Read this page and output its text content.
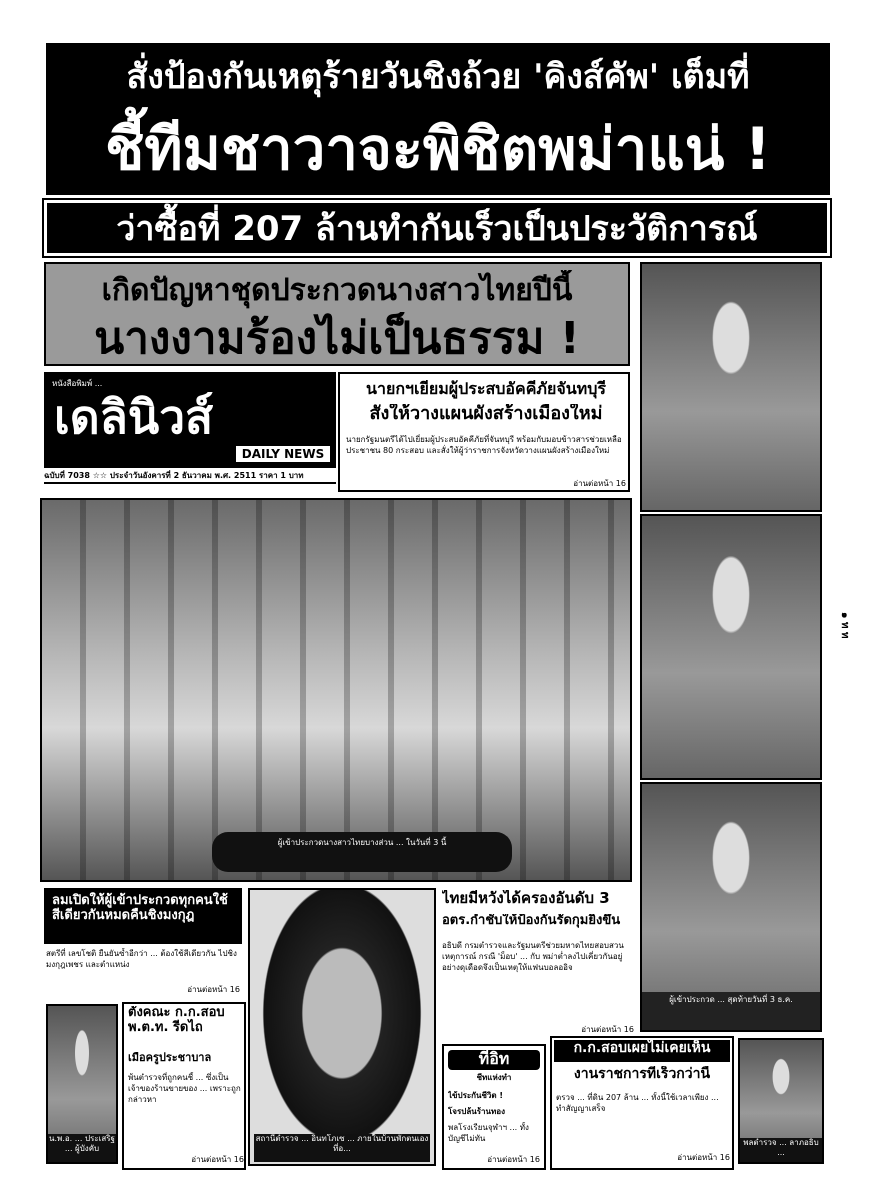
สั่งป้องกันเหตุร้ายวันชิงถ้วย 'คิงส์คัพ' เต็มที่
ชี้ทีมชาวาจะพิชิตพม่าแน่ !
ว่าซื้อที่ 207 ล้านทำกันเร็วเป็นประวัติการณ์
เกิดปัญหาชุดประกวดนางสาวไทยปีนี้
นางงามร้องไม่เป็นธรรม !
หนังสือพิมพ์ ...
เดลินิวส์
DAILY NEWS
ฉบับที่ 7038 ☆☆ ประจำวันอังคารที่ 2 ธันวาคม พ.ศ. 2511 ราคา 1 บาท
นายกฯเยี่ยมผู้ประสบอัคคีภัยจันทบุรี
สั่งให้วางแผนผังสร้างเมืองใหม่
นายกรัฐมนตรีได้ไปเยี่ยมผู้ประสบอัคคีภัยที่จันทบุรี พร้อมกับมอบข้าวสารช่วยเหลือประชาชน 80 กระสอบ และสั่งให้ผู้ว่าราชการจังหวัดวางแผนผังสร้างเมืองใหม่
อ่านต่อหน้า 16
ผู้เข้าประกวดนางสาวไทยบางส่วน ... ในวันที่ 3 นี้
ผู้เข้าประกวด ... สุดท้ายวันที่ 3 ธ.ค.
๑ ท ท
ลมเปิดให้ผู้เข้าประกวดทุกคนใช้สีเดียวกันหมดคืนชิงมงกุฎ
สตรีที่ เลขโชติ ยืนยันซ้ำอีกว่า ... ต้องใช้สีเดียวกัน ไปชิงมงกุฎเพชร และตำแหน่ง
อ่านต่อหน้า 16
ตั้งคณะ ก.ก.สอบ พ.ต.ท. รีดไถ
เมื่อครูประชาบาล
พ้นตำรวจที่ถูกคนชี้ ... ซึ่งเป็นเจ้าของร้านขายของ ... เพราะถูกกล่าวหา
อ่านต่อหน้า 16
น.พ.อ. ... ประเสริฐ ... ผู้บังคับ
สถานีตำรวจ ... อินทโภเซ ... ภายในบ้านพักตนเองที่อ...
ไทยมีหวังได้ครองอันดับ 3
อตร.กำชับให้ป้องกันรัดกุมยิ่งขึ้น
อธิบดี กรมตำรวจและรัฐมนตรีช่วยมหาดไทยสอบสวนเหตุการณ์ กรณี 'ม็อบ' ... กับ พม่าต่ำลงไปเคี่ยวกันอยู่อย่างดุเดือดจึงเป็นเหตุให้แฟนบอลออิจ
อ่านต่อหน้า 16
ที่อิท
ชีทแห่งทำ
ไข้ประกันชีวิต !
โจรปล้นร้านทอง
พลโรงเรียนจุฬาฯ ... ทั้งบัญชีไม่ทัน
อ่านต่อหน้า 16
ก.ก.สอบเผยไม่เคยเห็น
งานราชการที่เร็วกว่านี้
ตรวจ ... ที่ดิน 207 ล้าน ... ทั้งนี้ใช้เวลาเพียง ... ทำสัญญาเสร็จ
อ่านต่อหน้า 16
พลตำรวจ ... ลาภอธิบ ...
